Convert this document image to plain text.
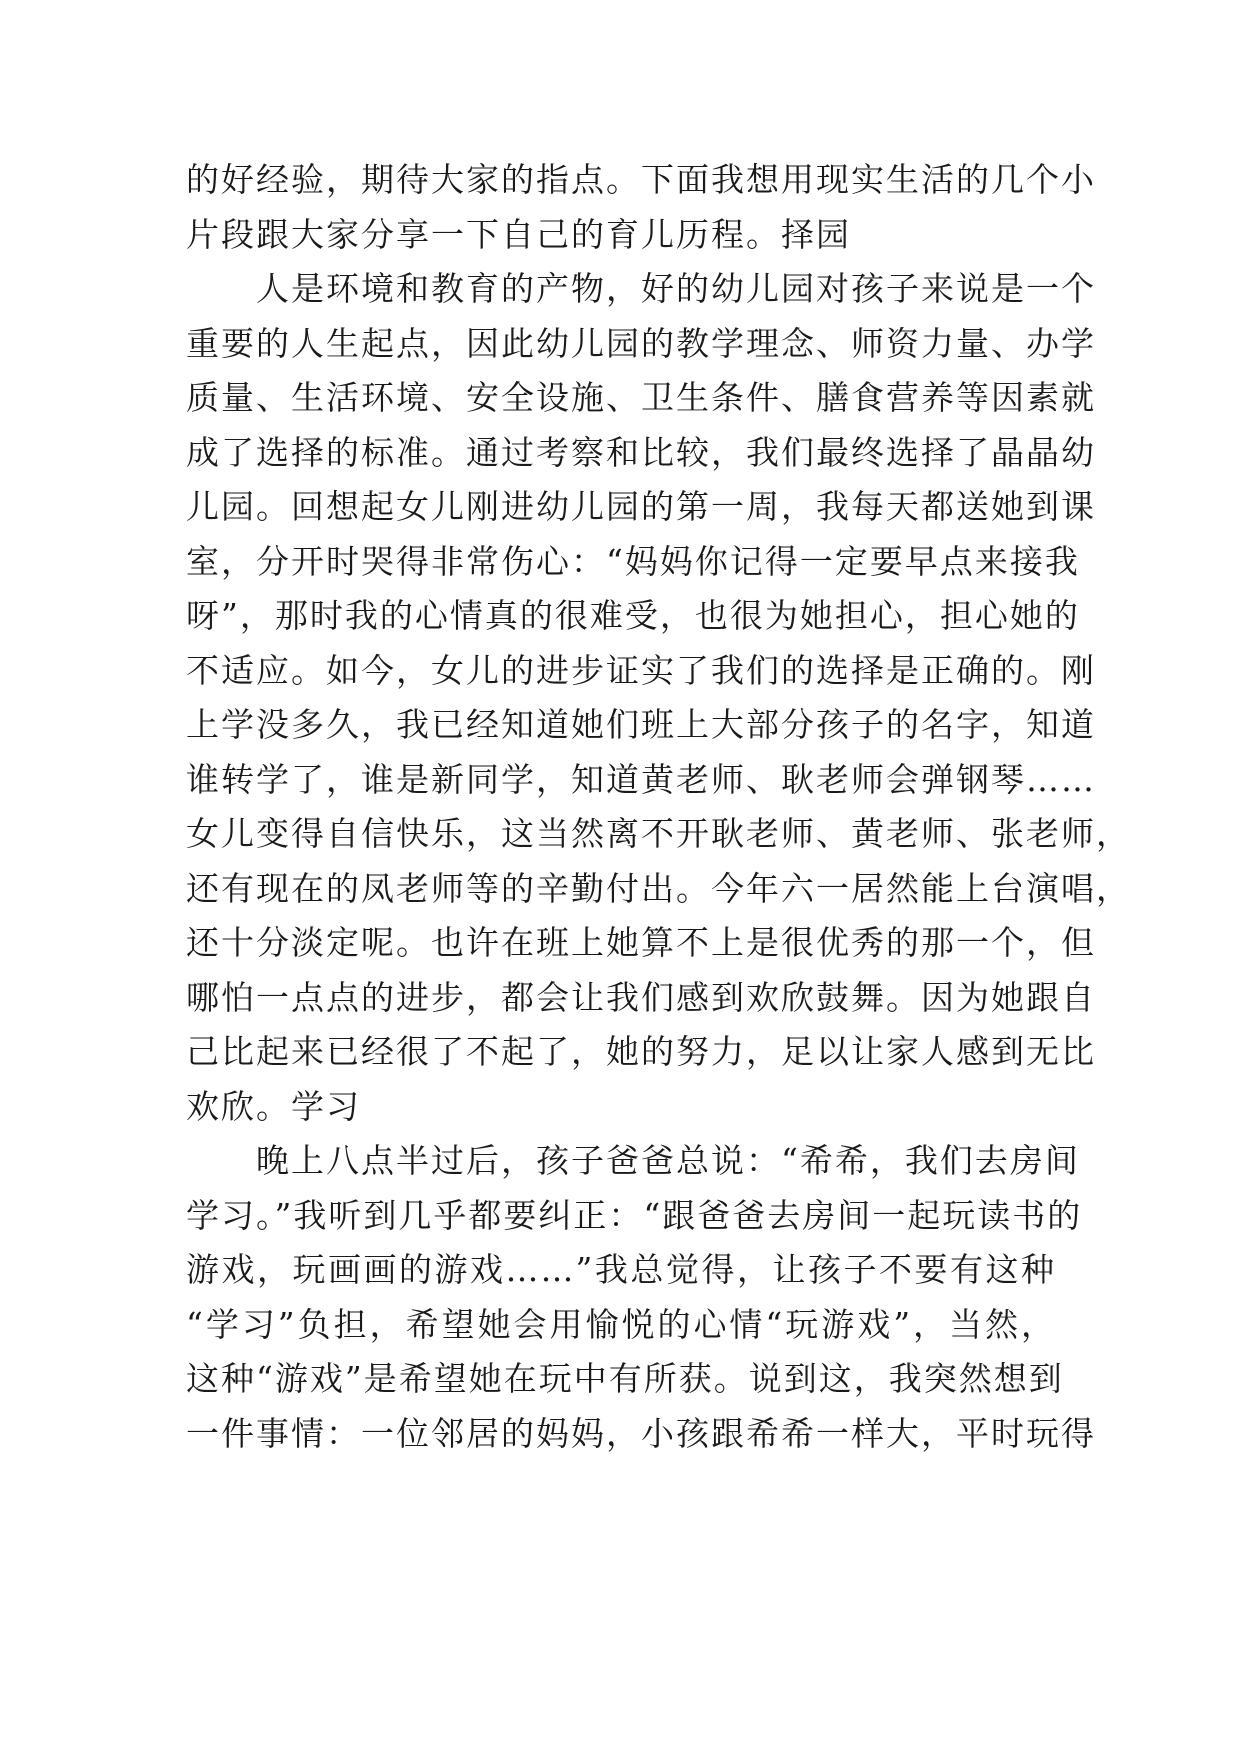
的好经验，期待大家的指点。下面我想用现实生活的几个小
片段跟大家分享一下自己的育儿历程。择园
　　人是环境和教育的产物，好的幼儿园对孩子来说是一个
重要的人生起点，因此幼儿园的教学理念、师资力量、办学
质量、生活环境、安全设施、卫生条件、膳食营养等因素就
成了选择的标准。通过考察和比较，我们最终选择了晶晶幼
儿园。回想起女儿刚进幼儿园的第一周，我每天都送她到课
室，分开时哭得非常伤心：“妈妈你记得一定要早点来接我
呀”，那时我的心情真的很难受，也很为她担心，担心她的
不适应。如今，女儿的进步证实了我们的选择是正确的。刚
上学没多久，我已经知道她们班上大部分孩子的名字，知道
谁转学了，谁是新同学，知道黄老师、耿老师会弹钢琴……
女儿变得自信快乐，这当然离不开耿老师、黄老师、张老师，
还有现在的凤老师等的辛勤付出。今年六一居然能上台演唱，
还十分淡定呢。也许在班上她算不上是很优秀的那一个，但
哪怕一点点的进步，都会让我们感到欢欣鼓舞。因为她跟自
己比起来已经很了不起了，她的努力，足以让家人感到无比
欢欣。学习
　　晚上八点半过后，孩子爸爸总说：“希希，我们去房间
学习。”我听到几乎都要纠正：“跟爸爸去房间一起玩读书的
游戏，玩画画的游戏……”我总觉得，让孩子不要有这种
“学习”负担，希望她会用愉悦的心情“玩游戏”，当然，
这种“游戏”是希望她在玩中有所获。说到这，我突然想到
一件事情：一位邻居的妈妈，小孩跟希希一样大，平时玩得
